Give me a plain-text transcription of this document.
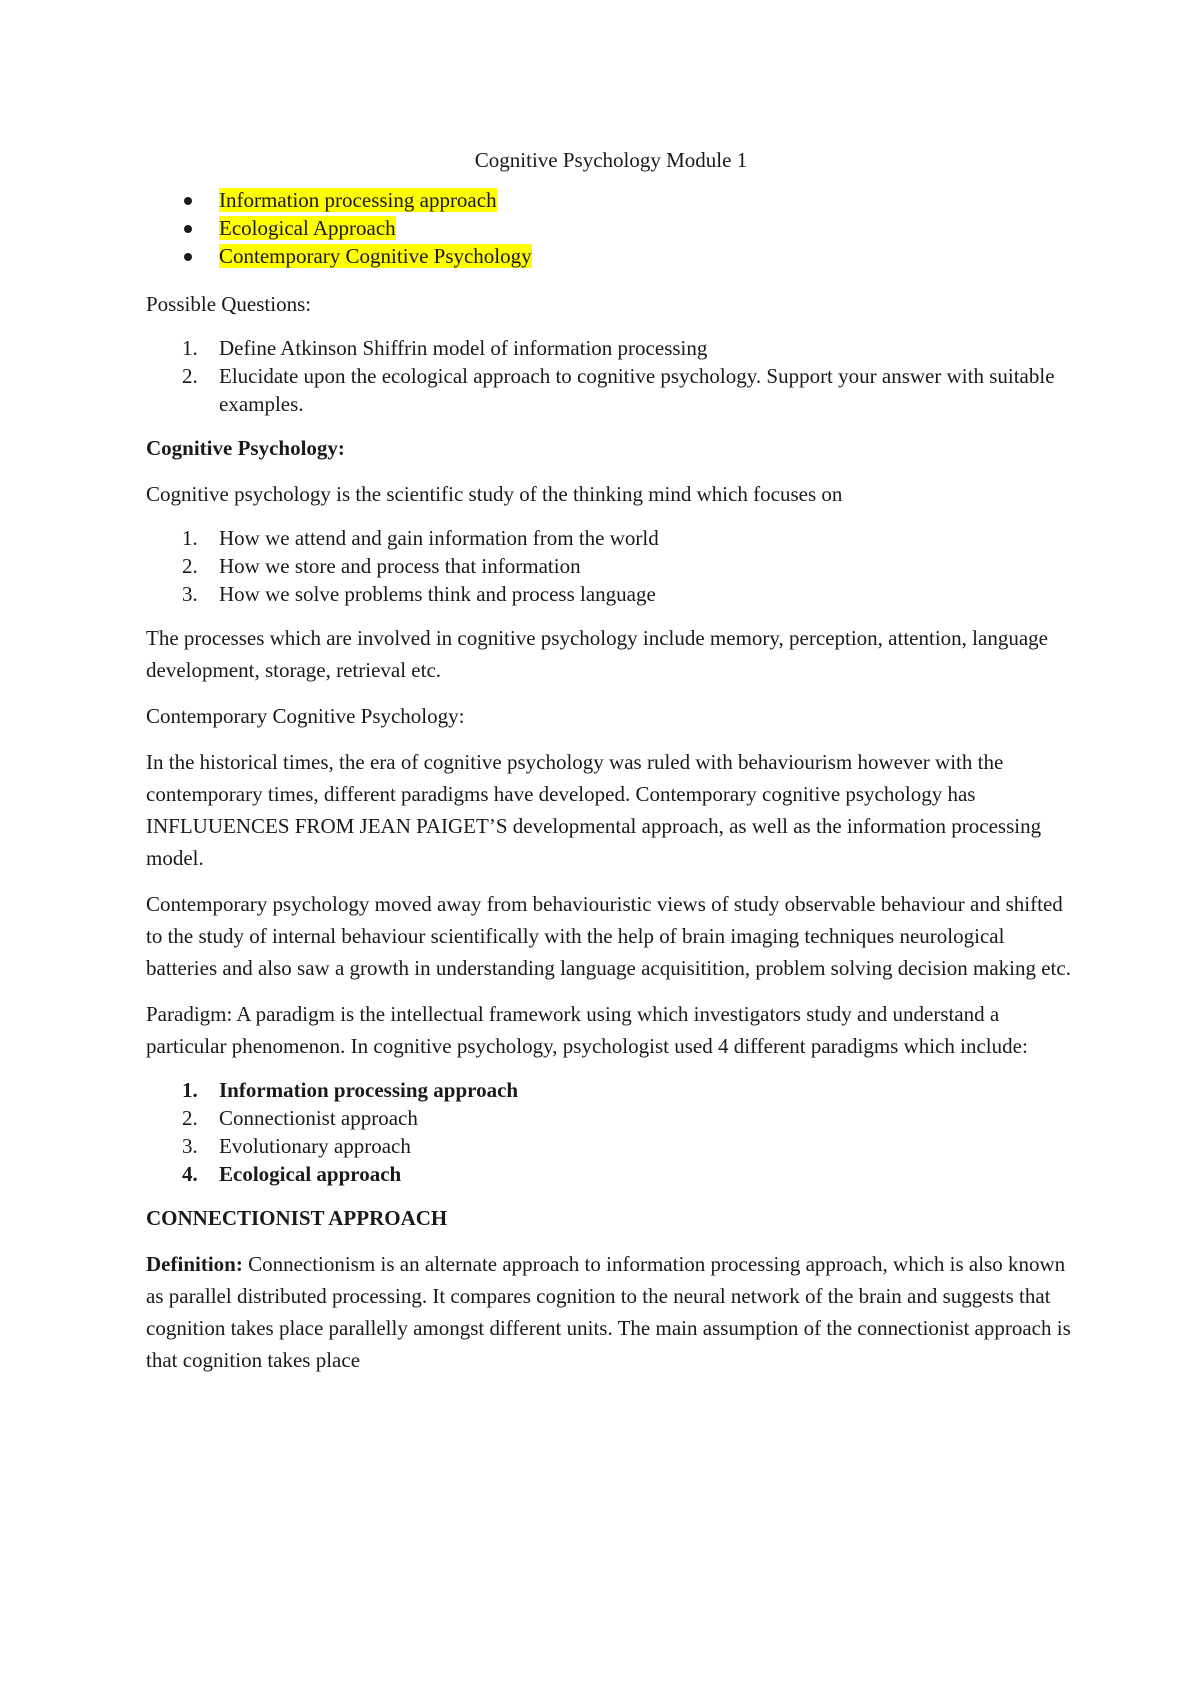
Cognitive Psychology Module 1
Information processing approach
Ecological Approach
Contemporary Cognitive Psychology

Possible Questions:

1. Define Atkinson Shiffrin model of information processing
2. Elucidate upon the ecological approach to cognitive psychology. Support your answer with suitable examples.

Cognitive Psychology:

Cognitive psychology is the scientific study of the thinking mind which focuses on

1. How we attend and gain information from the world
2. How we store and process that information
3. How we solve problems think and process language

The processes which are involved in cognitive psychology include memory, perception, attention, language development, storage, retrieval etc.

Contemporary Cognitive Psychology:

In the historical times, the era of cognitive psychology was ruled with behaviourism however with the contemporary times, different paradigms have developed. Contemporary cognitive psychology has INFLUUENCES FROM JEAN PAIGET’S developmental approach, as well as the information processing model.

Contemporary psychology moved away from behaviouristic views of study observable behaviour and shifted to the study of internal behaviour scientifically with the help of brain imaging techniques neurological batteries and also saw a growth in understanding language acquisitition, problem solving decision making etc.

Paradigm: A paradigm is the intellectual framework using which investigators study and understand a particular phenomenon. In cognitive psychology, psychologist used 4 different paradigms which include:

1. Information processing approach
2. Connectionist approach
3. Evolutionary approach
4. Ecological approach

CONNECTIONIST APPROACH

Definition: Connectionism is an alternate approach to information processing approach, which is also known as parallel distributed processing. It compares cognition to the neural network of the brain and suggests that cognition takes place parallelly amongst different units. The main assumption of the connectionist approach is that cognition takes place
